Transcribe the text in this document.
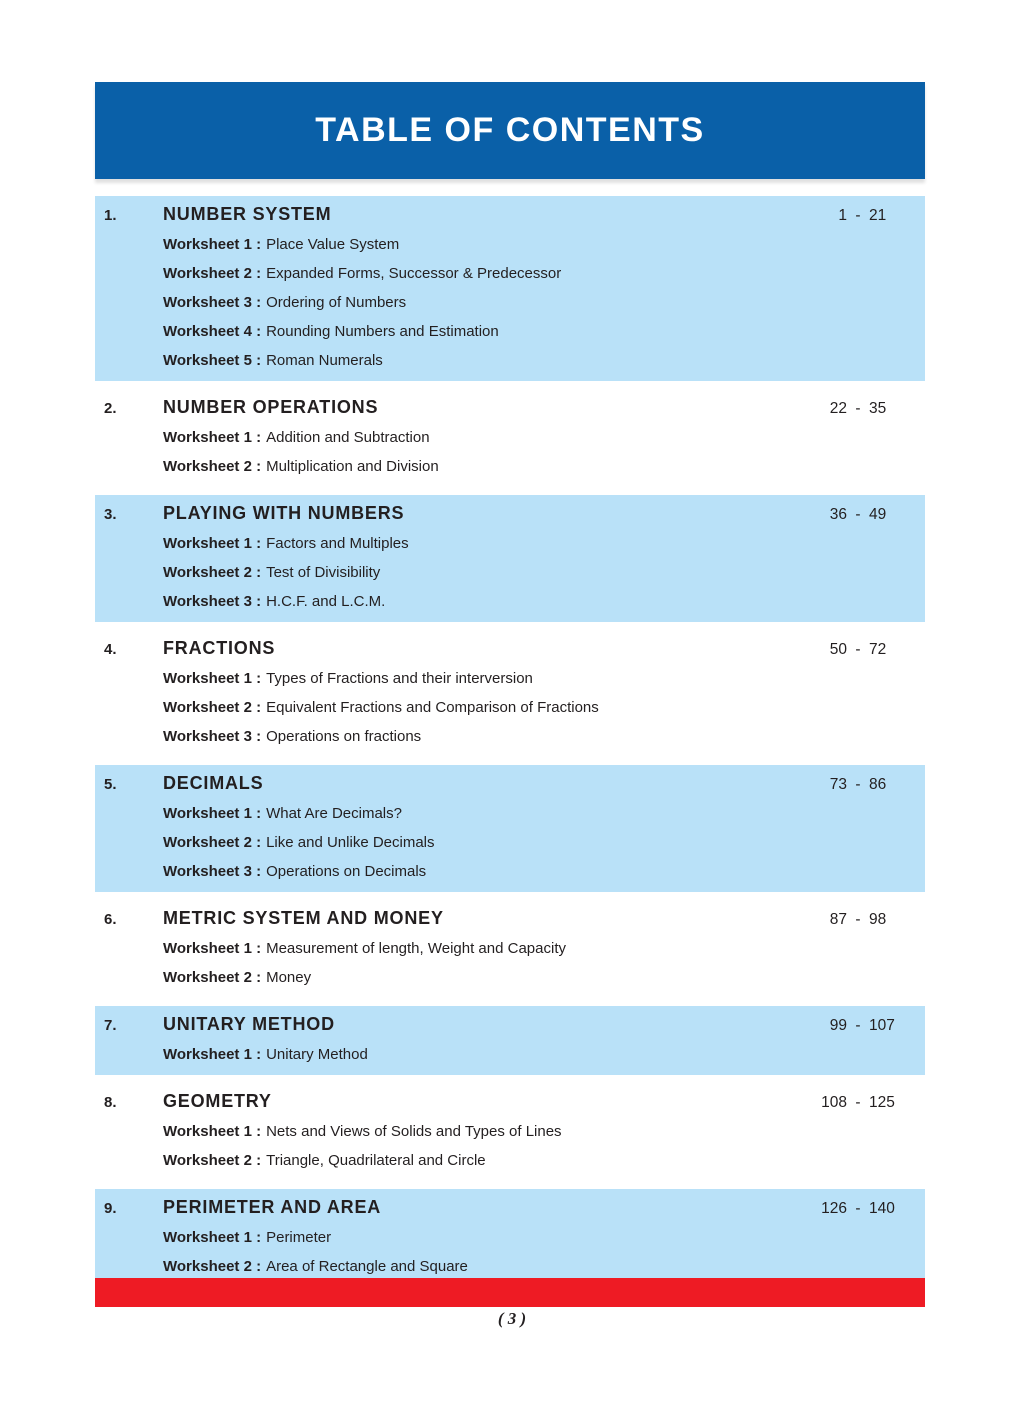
TABLE OF CONTENTS
1.	NUMBER SYSTEM	1 - 21
Worksheet 1 : Place Value System
Worksheet 2 : Expanded Forms, Successor & Predecessor
Worksheet 3 : Ordering of Numbers
Worksheet 4 : Rounding Numbers and Estimation
Worksheet 5 : Roman Numerals
2.	NUMBER OPERATIONS	22 - 35
Worksheet 1 : Addition and Subtraction
Worksheet 2 : Multiplication and Division
3.	PLAYING WITH NUMBERS	36 - 49
Worksheet 1 : Factors and Multiples
Worksheet 2 : Test of Divisibility
Worksheet 3 : H.C.F. and L.C.M.
4.	FRACTIONS	50 - 72
Worksheet 1 : Types of Fractions and their interversion
Worksheet 2 : Equivalent Fractions and Comparison of Fractions
Worksheet 3 : Operations on fractions
5.	DECIMALS	73 - 86
Worksheet 1 : What Are Decimals?
Worksheet 2 : Like and Unlike Decimals
Worksheet 3 : Operations on Decimals
6.	METRIC SYSTEM AND MONEY	87 - 98
Worksheet 1 : Measurement of length, Weight and Capacity
Worksheet 2 : Money
7.	UNITARY METHOD	99 - 107
Worksheet 1 : Unitary Method
8.	GEOMETRY	108 - 125
Worksheet 1 : Nets and Views of Solids and Types of Lines
Worksheet 2 : Triangle, Quadrilateral and Circle
9.	PERIMETER AND AREA	126 - 140
Worksheet 1 : Perimeter
Worksheet 2 : Area of Rectangle and Square
( 3 )
